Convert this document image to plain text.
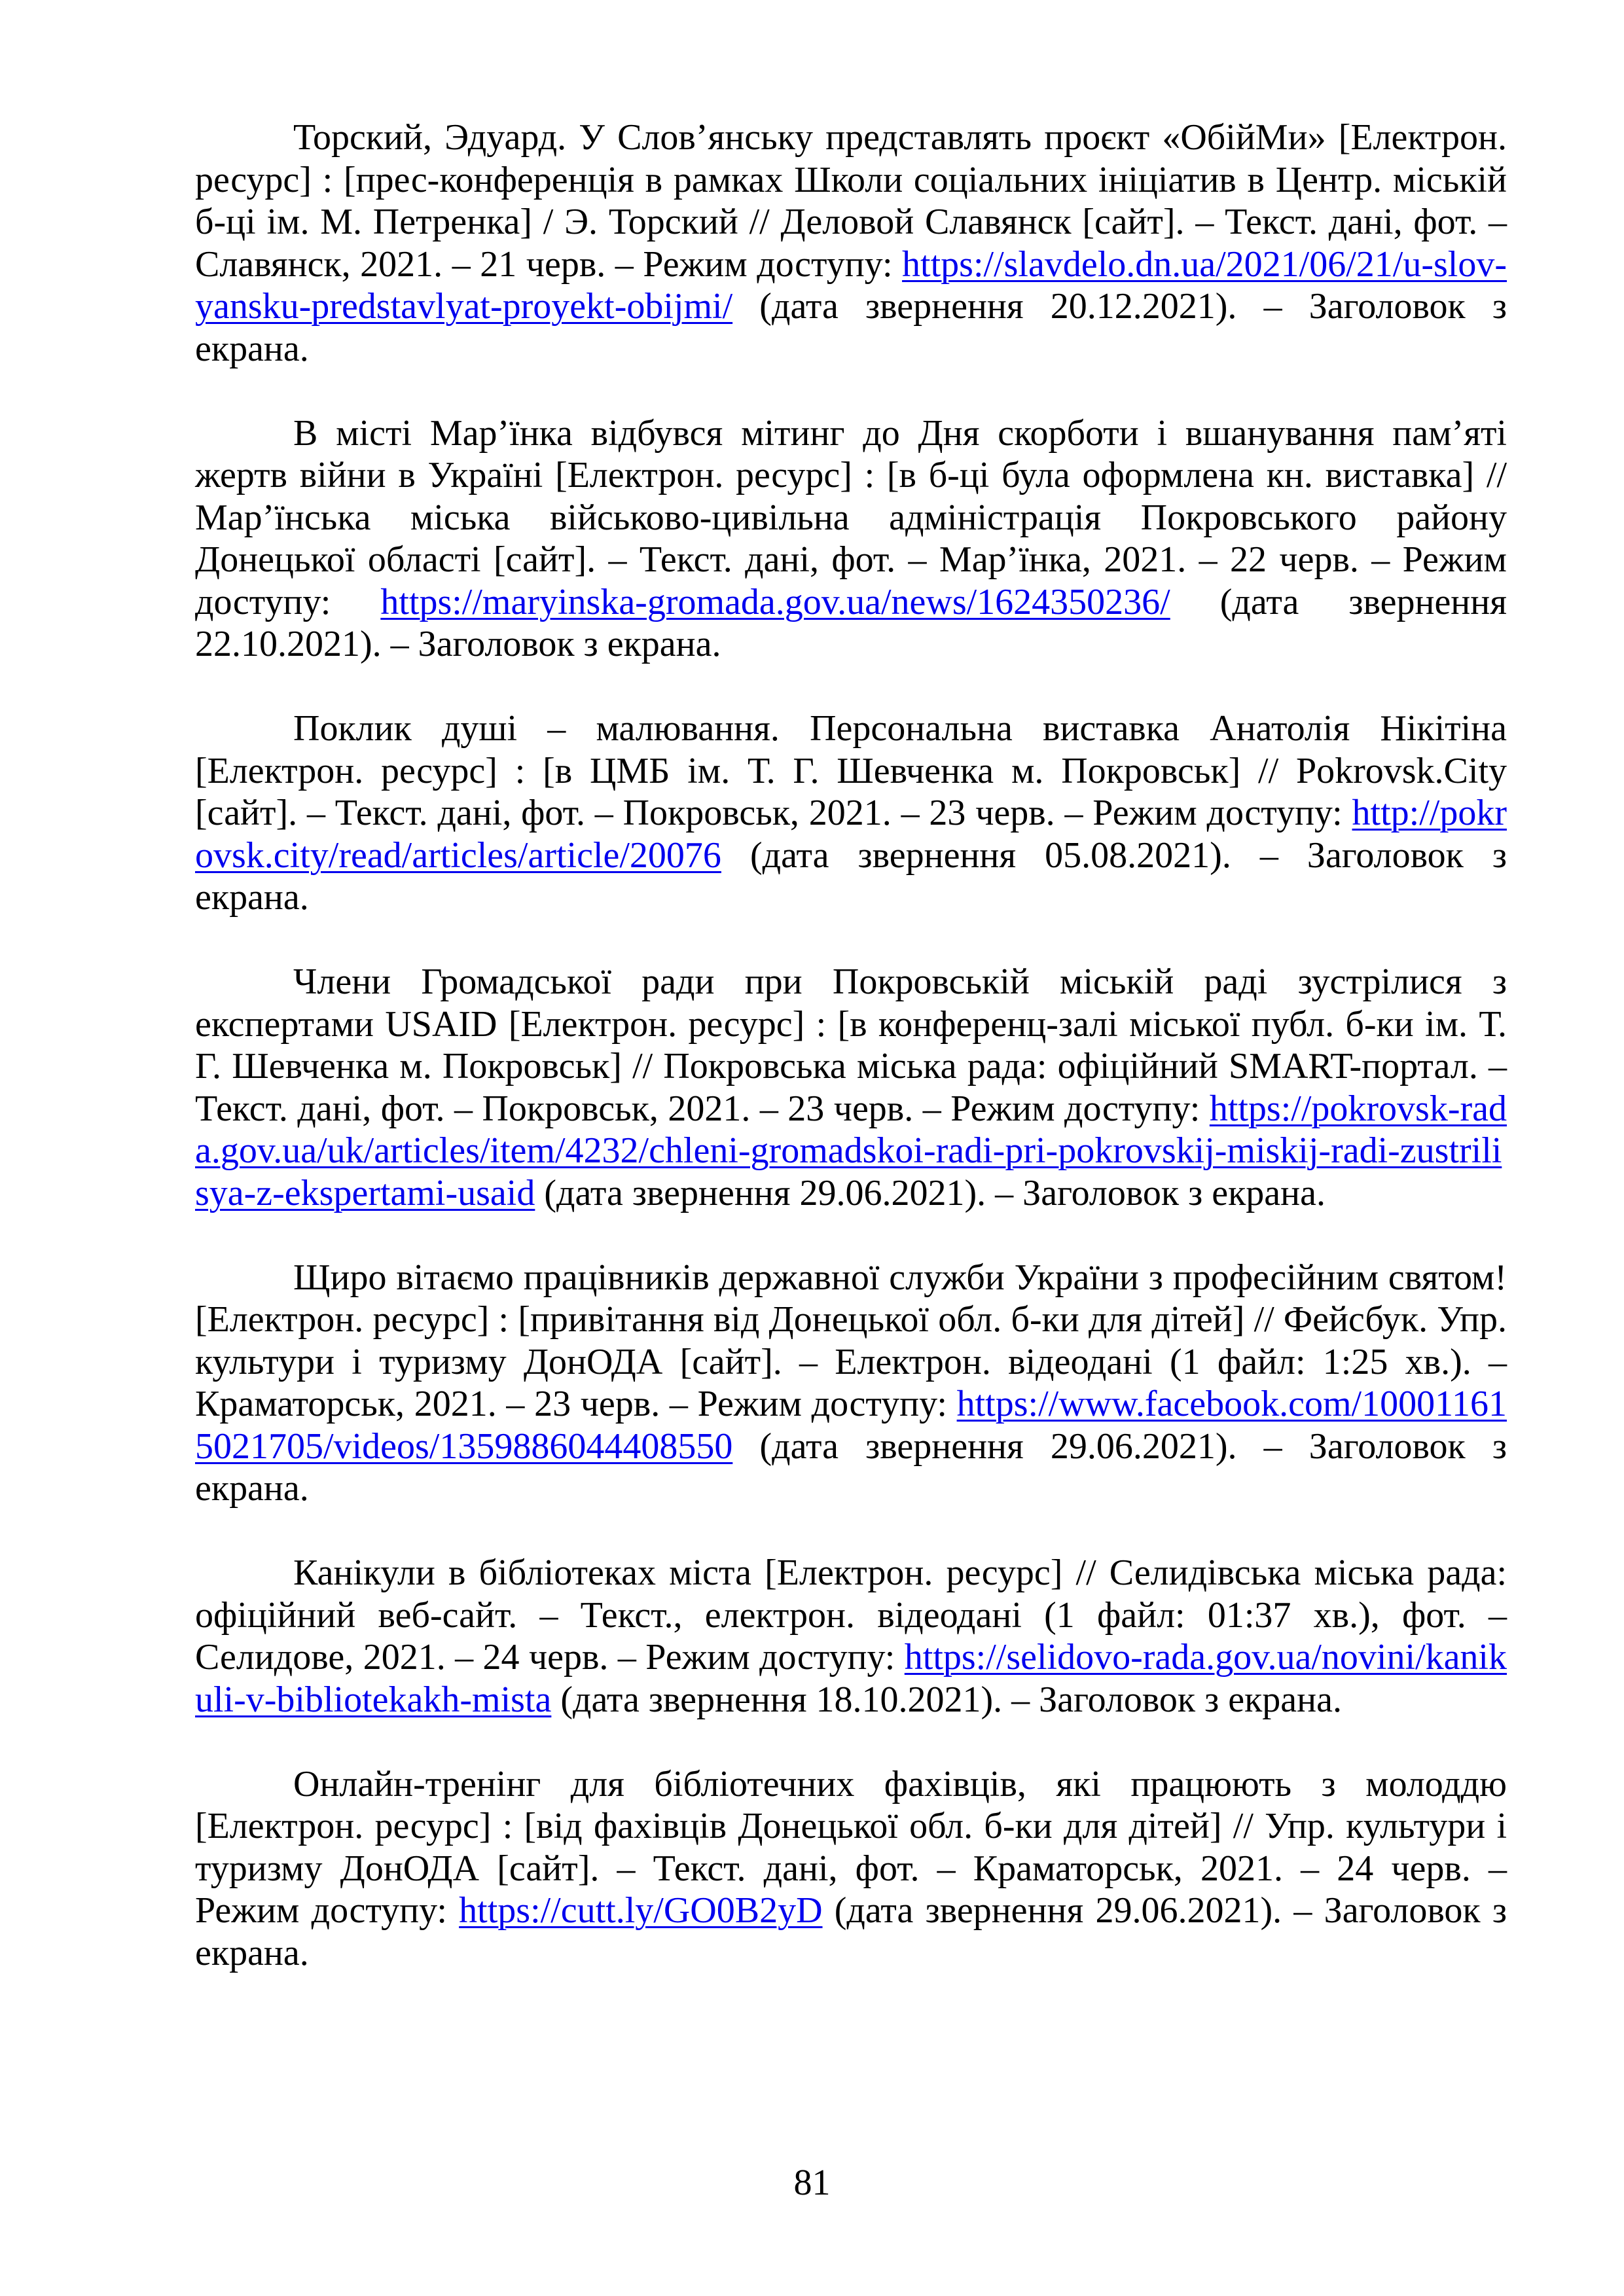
Торский, Эдуард. У Слов’янську представлять проєкт «ОбійМи» [Електрон. ресурс] : [прес-конференція в рамках Школи соціальних ініціатив в Центр. міській б-ці ім. М. Петренка] / Э. Торский // Деловой Славянск [сайт]. – Текст. дані, фот. – Славянск, 2021. – 21 черв. – Режим доступу: https://slavdelo.dn.ua/2021/06/21/u-slov-yansku-predstavlyat-proyekt-obijmi/ (дата звернення 20.12.2021). – Заголовок з екрана.

В місті Мар’їнка відбувся мітинг до Дня скорботи і вшанування пам’яті жертв війни в Україні [Електрон. ресурс] : [в б-ці була оформлена кн. виставка] // Мар’їнська міська військово-цивільна адміністрація Покровського району Донецької області [сайт]. – Текст. дані, фот. – Мар’їнка, 2021. – 22 черв. – Режим доступу: https://maryinska-gromada.gov.ua/news/1624350236/ (дата звернення 22.10.2021). – Заголовок з екрана.

Поклик душі – малювання. Персональна виставка Анатолія Нікітіна [Електрон. ресурс] : [в ЦМБ ім. Т. Г. Шевченка м. Покровськ] // Pokrovsk.City [сайт]. – Текст. дані, фот. – Покровськ, 2021. – 23 черв. – Режим доступу: http://pokrovsk.city/read/articles/article/20076 (дата звернення 05.08.2021). – Заголовок з екрана.

Члени Громадської ради при Покровській міській раді зустрілися з експертами USAID [Електрон. ресурс] : [в конференц-залі міської публ. б-ки ім. Т. Г. Шевченка м. Покровськ] // Покровська міська рада: офіційний SMART-портал. – Текст. дані, фот. – Покровськ, 2021. – 23 черв. – Режим доступу: https://pokrovsk-rada.gov.ua/uk/articles/item/4232/chleni-gromadskoi-radi-pri-pokrovskij-miskij-radi-zustrilisya-z-ekspertami-usaid (дата звернення 29.06.2021). – Заголовок з екрана.

Щиро вітаємо працівників державної служби України з професійним святом! [Електрон. ресурс] : [привітання від Донецької обл. б-ки для дітей] // Фейсбук. Упр. культури і туризму ДонОДА [сайт]. – Електрон. відеодані (1 файл: 1:25 хв.). – Краматорськ, 2021. – 23 черв. – Режим доступу: https://www.facebook.com/100011615021705/videos/1359886044408550 (дата звернення 29.06.2021). – Заголовок з екрана.

Канікули в бібліотеках міста [Електрон. ресурс] // Селидівська міська рада: офіційний веб-сайт. – Текст., електрон. відеодані (1 файл: 01:37 хв.), фот. – Селидове, 2021. – 24 черв. – Режим доступу: https://selidovo-rada.gov.ua/novini/kanikuli-v-bibliotekakh-mista (дата звернення 18.10.2021). – Заголовок з екрана.

Онлайн-тренінг для бібліотечних фахівців, які працюють з молоддю [Електрон. ресурс] : [від фахівців Донецької обл. б-ки для дітей] // Упр. культури і туризму ДонОДА [сайт]. – Текст. дані, фот. – Краматорськ, 2021. – 24 черв. – Режим доступу: https://cutt.ly/GO0B2yD (дата звернення 29.06.2021). – Заголовок з екрана.

81
